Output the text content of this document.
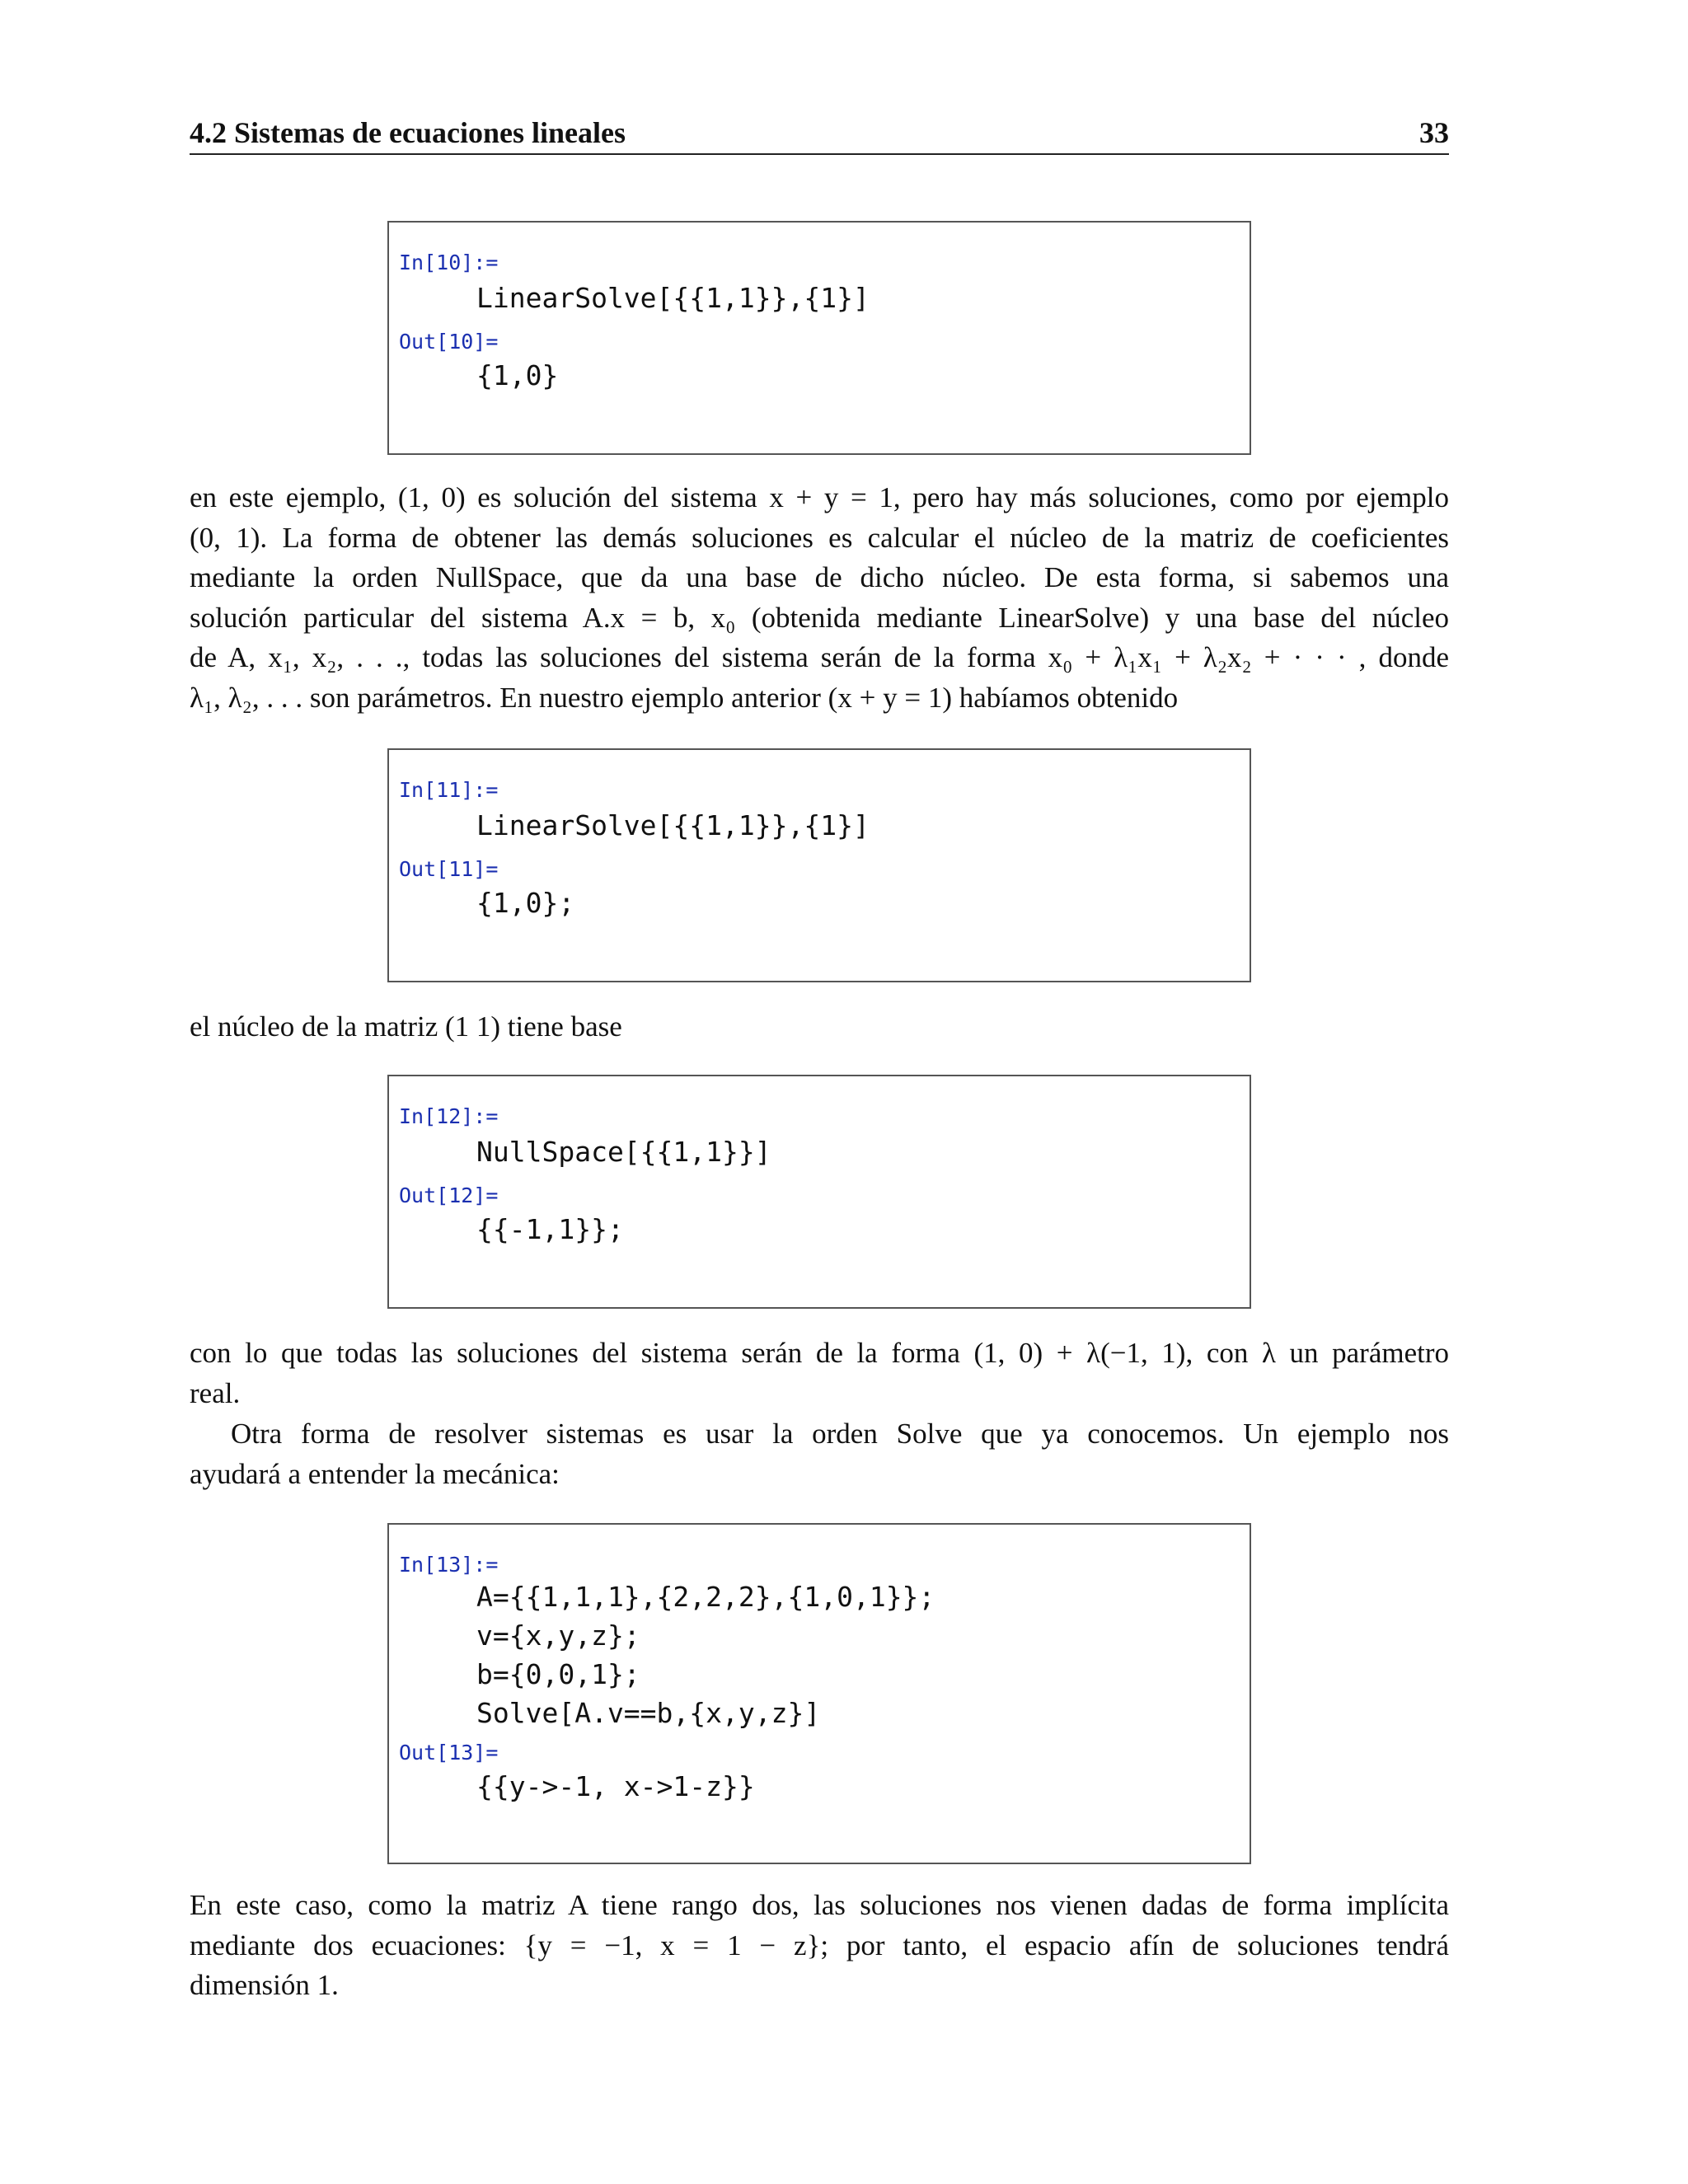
4.2 Sistemas de ecuaciones lineales	33
In[10]:=
LinearSolve[{{1,1}},{1}]
Out[10]=
{1,0}
en este ejemplo, (1, 0) es solución del sistema x + y = 1, pero hay más soluciones, como por ejemplo
(0, 1). La forma de obtener las demás soluciones es calcular el núcleo de la matriz de coeficientes
mediante la orden NullSpace, que da una base de dicho núcleo. De esta forma, si sabemos una
solución particular del sistema A.x = b, x₀ (obtenida mediante LinearSolve) y una base del núcleo
de A, x₁, x₂, . . ., todas las soluciones del sistema serán de la forma x₀ + λ₁x₁ + λ₂x₂ + · · · , donde
λ₁, λ₂, . . . son parámetros. En nuestro ejemplo anterior (x + y = 1) habíamos obtenido
In[11]:=
LinearSolve[{{1,1}},{1}]
Out[11]=
{1,0};
el núcleo de la matriz (1 1) tiene base
In[12]:=
NullSpace[{{1,1}}]
Out[12]=
{{-1,1}};
con lo que todas las soluciones del sistema serán de la forma (1, 0) + λ(−1, 1), con λ un parámetro
real.
Otra forma de resolver sistemas es usar la orden Solve que ya conocemos. Un ejemplo nos
ayudará a entender la mecánica:
In[13]:=
A={{1,1,1},{2,2,2},{1,0,1}};
v={x,y,z};
b={0,0,1};
Solve[A.v==b,{x,y,z}]
Out[13]=
{{y->-1, x->1-z}}
En este caso, como la matriz A tiene rango dos, las soluciones nos vienen dadas de forma implícita
mediante dos ecuaciones: {y = −1, x = 1 − z}; por tanto, el espacio afín de soluciones tendrá
dimensión 1.
